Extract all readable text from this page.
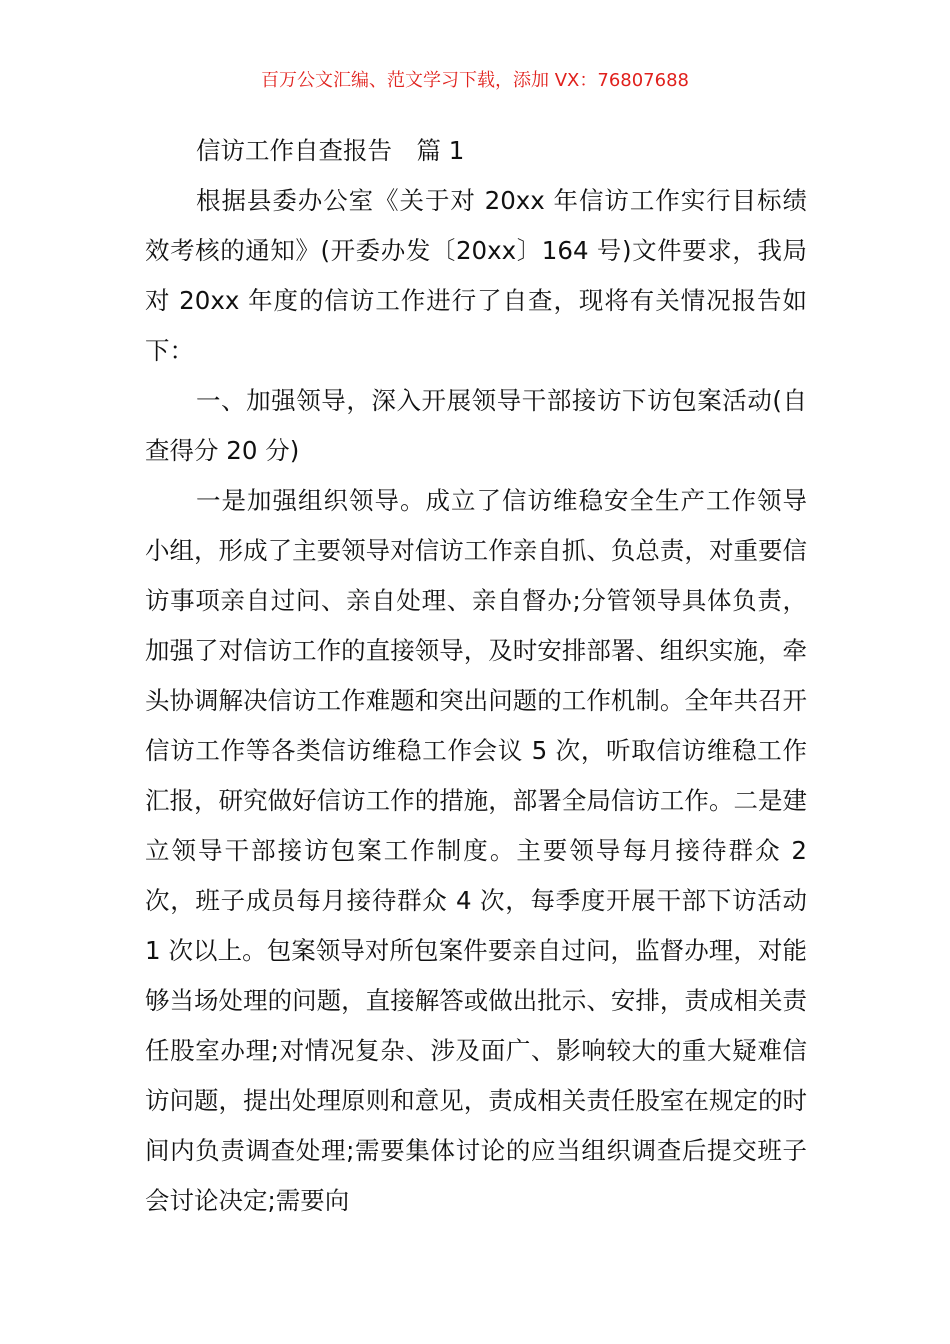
百万公文汇编、范文学习下载，添加 VX：76807688

信访工作自查报告　篇 1

根据县委办公室《关于对 20xx 年信访工作实行目标绩效考核的通知》(开委办发〔20xx〕164 号)文件要求，我局对 20xx 年度的信访工作进行了自查，现将有关情况报告如下：

一、加强领导，深入开展领导干部接访下访包案活动(自查得分 20 分)

一是加强组织领导。成立了信访维稳安全生产工作领导小组，形成了主要领导对信访工作亲自抓、负总责，对重要信访事项亲自过问、亲自处理、亲自督办;分管领导具体负责，加强了对信访工作的直接领导，及时安排部署、组织实施，牵头协调解决信访工作难题和突出问题的工作机制。全年共召开信访工作等各类信访维稳工作会议 5 次，听取信访维稳工作汇报，研究做好信访工作的措施，部署全局信访工作。二是建立领导干部接访包案工作制度。主要领导每月接待群众 2 次，班子成员每月接待群众 4 次，每季度开展干部下访活动 1 次以上。包案领导对所包案件要亲自过问，监督办理，对能够当场处理的问题，直接解答或做出批示、安排，责成相关责任股室办理;对情况复杂、涉及面广、影响较大的重大疑难信访问题，提出处理原则和意见，责成相关责任股室在规定的时间内负责调查处理;需要集体讨论的应当组织调查后提交班子会讨论决定;需要向
